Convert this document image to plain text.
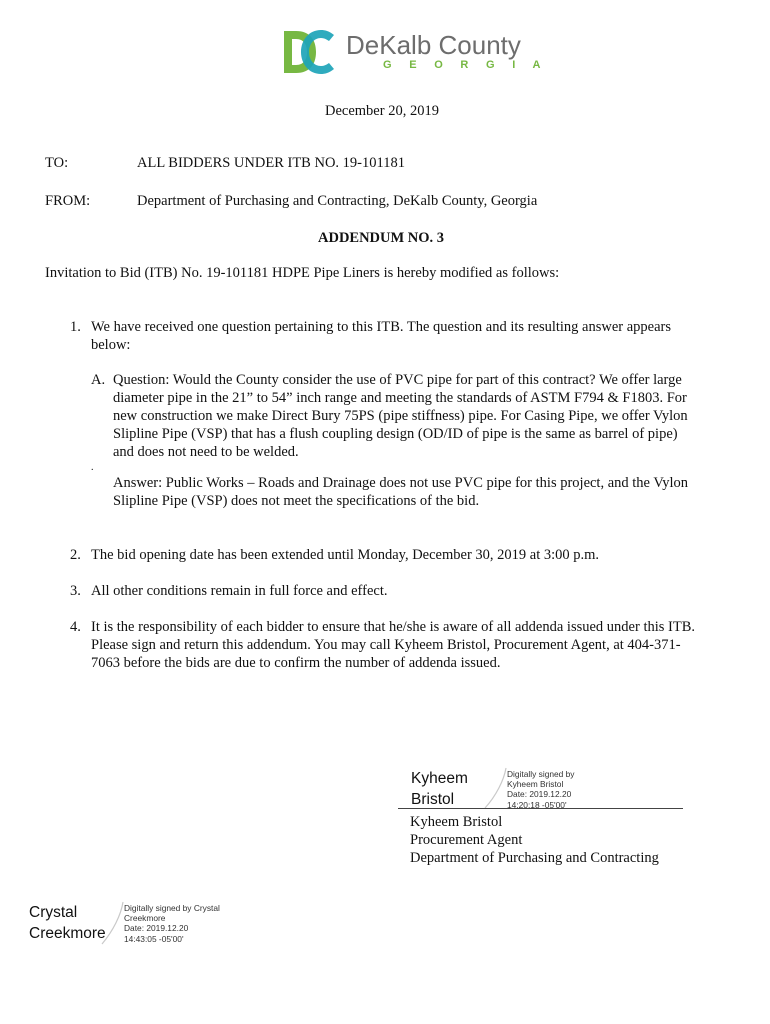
DeKalb County
G E O R G I A
December 20, 2019
TO:	ALL BIDDERS UNDER ITB NO. 19-101181
FROM:	Department of Purchasing and Contracting, DeKalb County, Georgia
ADDENDUM NO. 3
Invitation to Bid (ITB) No. 19-101181 HDPE Pipe Liners is hereby modified as follows:
1. We have received one question pertaining to this ITB. The question and its resulting answer appears
below:
A. Question: Would the County consider the use of PVC pipe for part of this contract? We offer large
diameter pipe in the 21” to 54” inch range and meeting the standards of ASTM F794 & F1803. For
new construction we make Direct Bury 75PS (pipe stiffness) pipe. For Casing Pipe, we offer Vylon
Slipline Pipe (VSP) that has a flush coupling design (OD/ID of pipe is the same as barrel of pipe)
and does not need to be welded.
.
Answer: Public Works – Roads and Drainage does not use PVC pipe for this project, and the Vylon
Slipline Pipe (VSP) does not meet the specifications of the bid.
2. The bid opening date has been extended until Monday, December 30, 2019 at 3:00 p.m.
3. All other conditions remain in full force and effect.
4. It is the responsibility of each bidder to ensure that he/she is aware of all addenda issued under this ITB.
Please sign and return this addendum. You may call Kyheem Bristol, Procurement Agent, at 404-371-
7063 before the bids are due to confirm the number of addenda issued.
Kyheem
Bristol
Digitally signed by
Kyheem Bristol
Date: 2019.12.20
14:20:18 -05'00'
Kyheem Bristol
Procurement Agent
Department of Purchasing and Contracting
Crystal
Creekmore
Digitally signed by Crystal
Creekmore
Date: 2019.12.20
14:43:05 -05'00'
